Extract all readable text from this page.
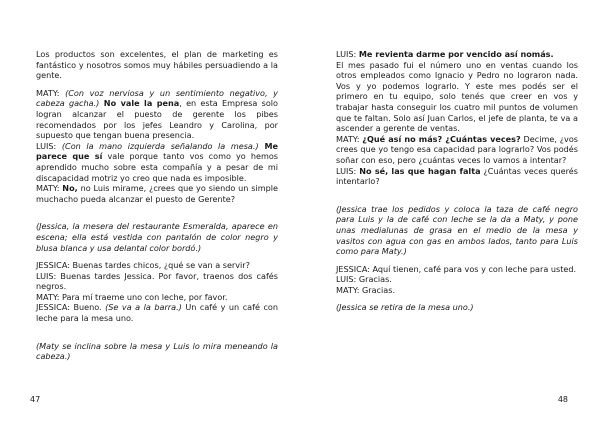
Los productos son excelentes, el plan de marketing es fantástico y nosotros somos muy hábiles persuadiendo a la gente.

MATY: (Con voz nerviosa y un sentimiento negativo, y cabeza gacha.) No vale la pena, en esta Empresa solo logran alcanzar el puesto de gerente los pibes recomendados por los jefes Leandro y Carolina, por supuesto que tengan buena presencia.

LUIS: (Con la mano izquierda señalando la mesa.) Me parece que sí vale porque tanto vos como yo hemos aprendido mucho sobre esta compañía y a pesar de mi discapacidad motriz yo creo que nada es imposible.

MATY: No, no Luis mirame, ¿crees que yo siendo un simple muchacho pueda alcanzar el puesto de Gerente?

(Jessica, la mesera del restaurante Esmeralda, aparece en escena; ella está vestida con pantalón de color negro y blusa blanca y usa delantal color bordó.)

JESSICA: Buenas tardes chicos, ¿qué se van a servir?

LUIS: Buenas tardes Jessica. Por favor, traenos dos cafés negros.

MATY: Para mí traeme uno con leche, por favor.

JESSICA: Bueno. (Se va a la barra.) Un café y un café con leche para la mesa uno.

(Maty se inclina sobre la mesa y Luis lo mira meneando la cabeza.)

47

LUIS: Me revienta darme por vencido así nomás.

El mes pasado fui el número uno en ventas cuando los otros empleados como Ignacio y Pedro no lograron nada. Vos y yo podemos lograrlo. Y este mes podés ser el primero en tu equipo, solo tenés que creer en vos y trabajar hasta conseguir los cuatro mil puntos de volumen que te faltan. Solo así Juan Carlos, el jefe de planta, te va a ascender a gerente de ventas.

MATY: ¿Qué así no más? ¿Cuántas veces? Decime, ¿vos crees que yo tengo esa capacidad para lograrlo? Vos podés soñar con eso, pero ¿cuántas veces lo vamos a intentar?

LUIS: No sé, las que hagan falta ¿Cuántas veces querés intentarlo?

(Jessica trae los pedidos y coloca la taza de café negro para Luis y la de café con leche se la da a Maty, y pone unas medialunas de grasa en el medio de la mesa y vasitos con agua con gas en ambos lados, tanto para Luis como para Maty.)

JESSICA: Aquí tienen, café para vos y con leche para usted.

LUIS: Gracias.

MATY: Gracias.

(Jessica se retira de la mesa uno.)

48
